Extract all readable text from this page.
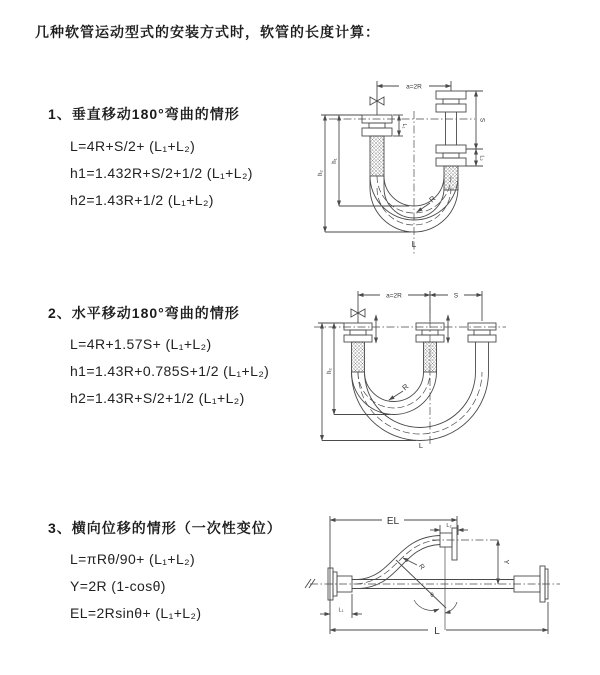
几种软管运动型式的安装方式时，软管的长度计算：
1、垂直移动180°弯曲的情形
L=4R+S/2+ (L₁+L₂)
h1=1.432R+S/2+1/2 (L₁+L₂)
h2=1.43R+1/2 (L₁+L₂)
2、水平移动180°弯曲的情形
L=4R+1.57S+ (L₁+L₂)
h1=1.43R+0.785S+1/2 (L₁+L₂)
h2=1.43R+S/2+1/2 (L₁+L₂)
3、横向位移的情形（一次性变位）
L=πRθ/90+ (L₁+L₂)
Y=2R (1-cosθ)
EL=2Rsinθ+ (L₁+L₂)
a=2R
S
L₂
L₁
h₁
h₂
R
L
a=2R	S
h₂
R
L
EL	L₂
Y
R
θ
L
L₁
